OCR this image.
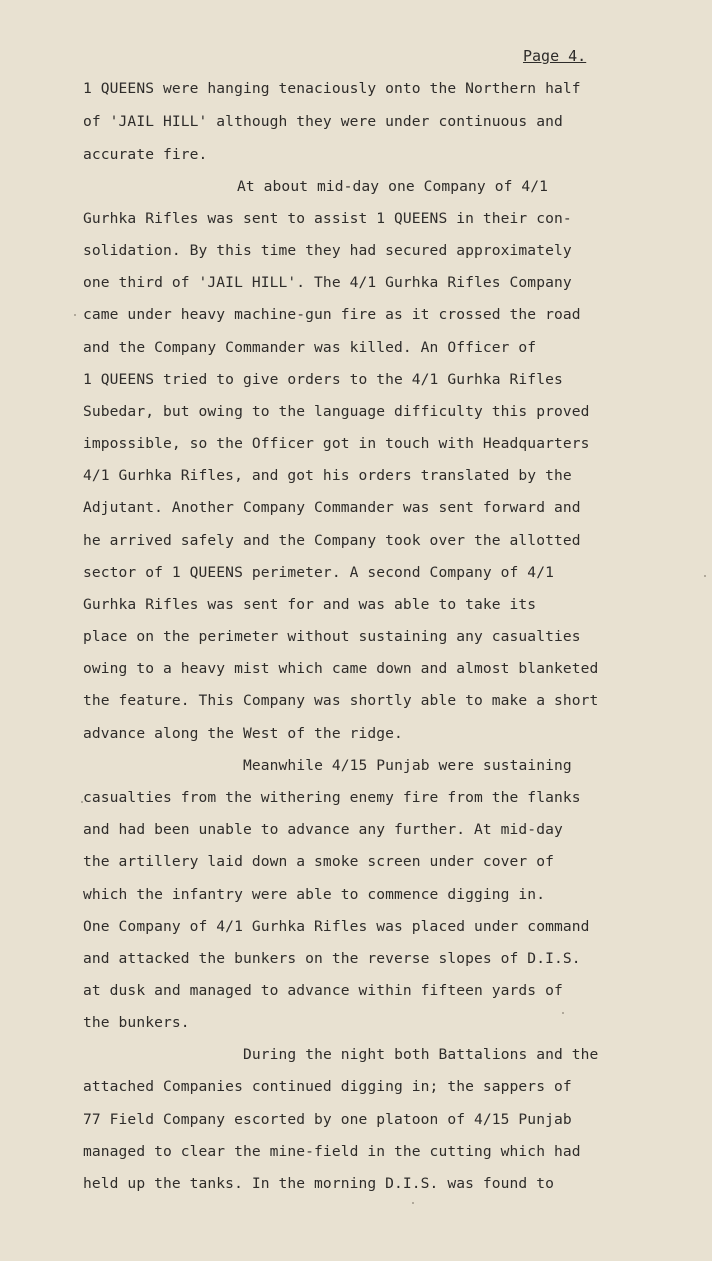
Page 4.
1 QUEENS were hanging tenaciously onto the Northern half
of 'JAIL HILL' although they were under continuous and
accurate fire.
At about mid-day one Company of 4/1
Gurhka Rifles was sent to assist 1 QUEENS in their con-
solidation. By this time they had secured approximately
one third of 'JAIL HILL'. The 4/1 Gurhka Rifles Company
came under heavy machine-gun fire as it crossed the road
and the Company Commander was killed. An Officer of
1 QUEENS tried to give orders to the 4/1 Gurhka Rifles
Subedar, but owing to the language difficulty this proved
impossible, so the Officer got in touch with Headquarters
4/1 Gurhka Rifles, and got his orders translated by the
Adjutant. Another Company Commander was sent forward and
he arrived safely and the Company took over the allotted
sector of 1 QUEENS perimeter. A second Company of 4/1
Gurhka Rifles was sent for and was able to take its
place on the perimeter without sustaining any casualties
owing to a heavy mist which came down and almost blanketed
the feature. This Company was shortly able to make a short
advance along the West of the ridge.
Meanwhile 4/15 Punjab were sustaining
casualties from the withering enemy fire from the flanks
and had been unable to advance any further. At mid-day
the artillery laid down a smoke screen under cover of
which the infantry were able to commence digging in.
One Company of 4/1 Gurhka Rifles was placed under command
and attacked the bunkers on the reverse slopes of D.I.S.
at dusk and managed to advance within fifteen yards of
the bunkers.
During the night both Battalions and the
attached Companies continued digging in; the sappers of
77 Field Company escorted by one platoon of 4/15 Punjab
managed to clear the mine-field in the cutting which had
held up the tanks. In the morning D.I.S. was found to
